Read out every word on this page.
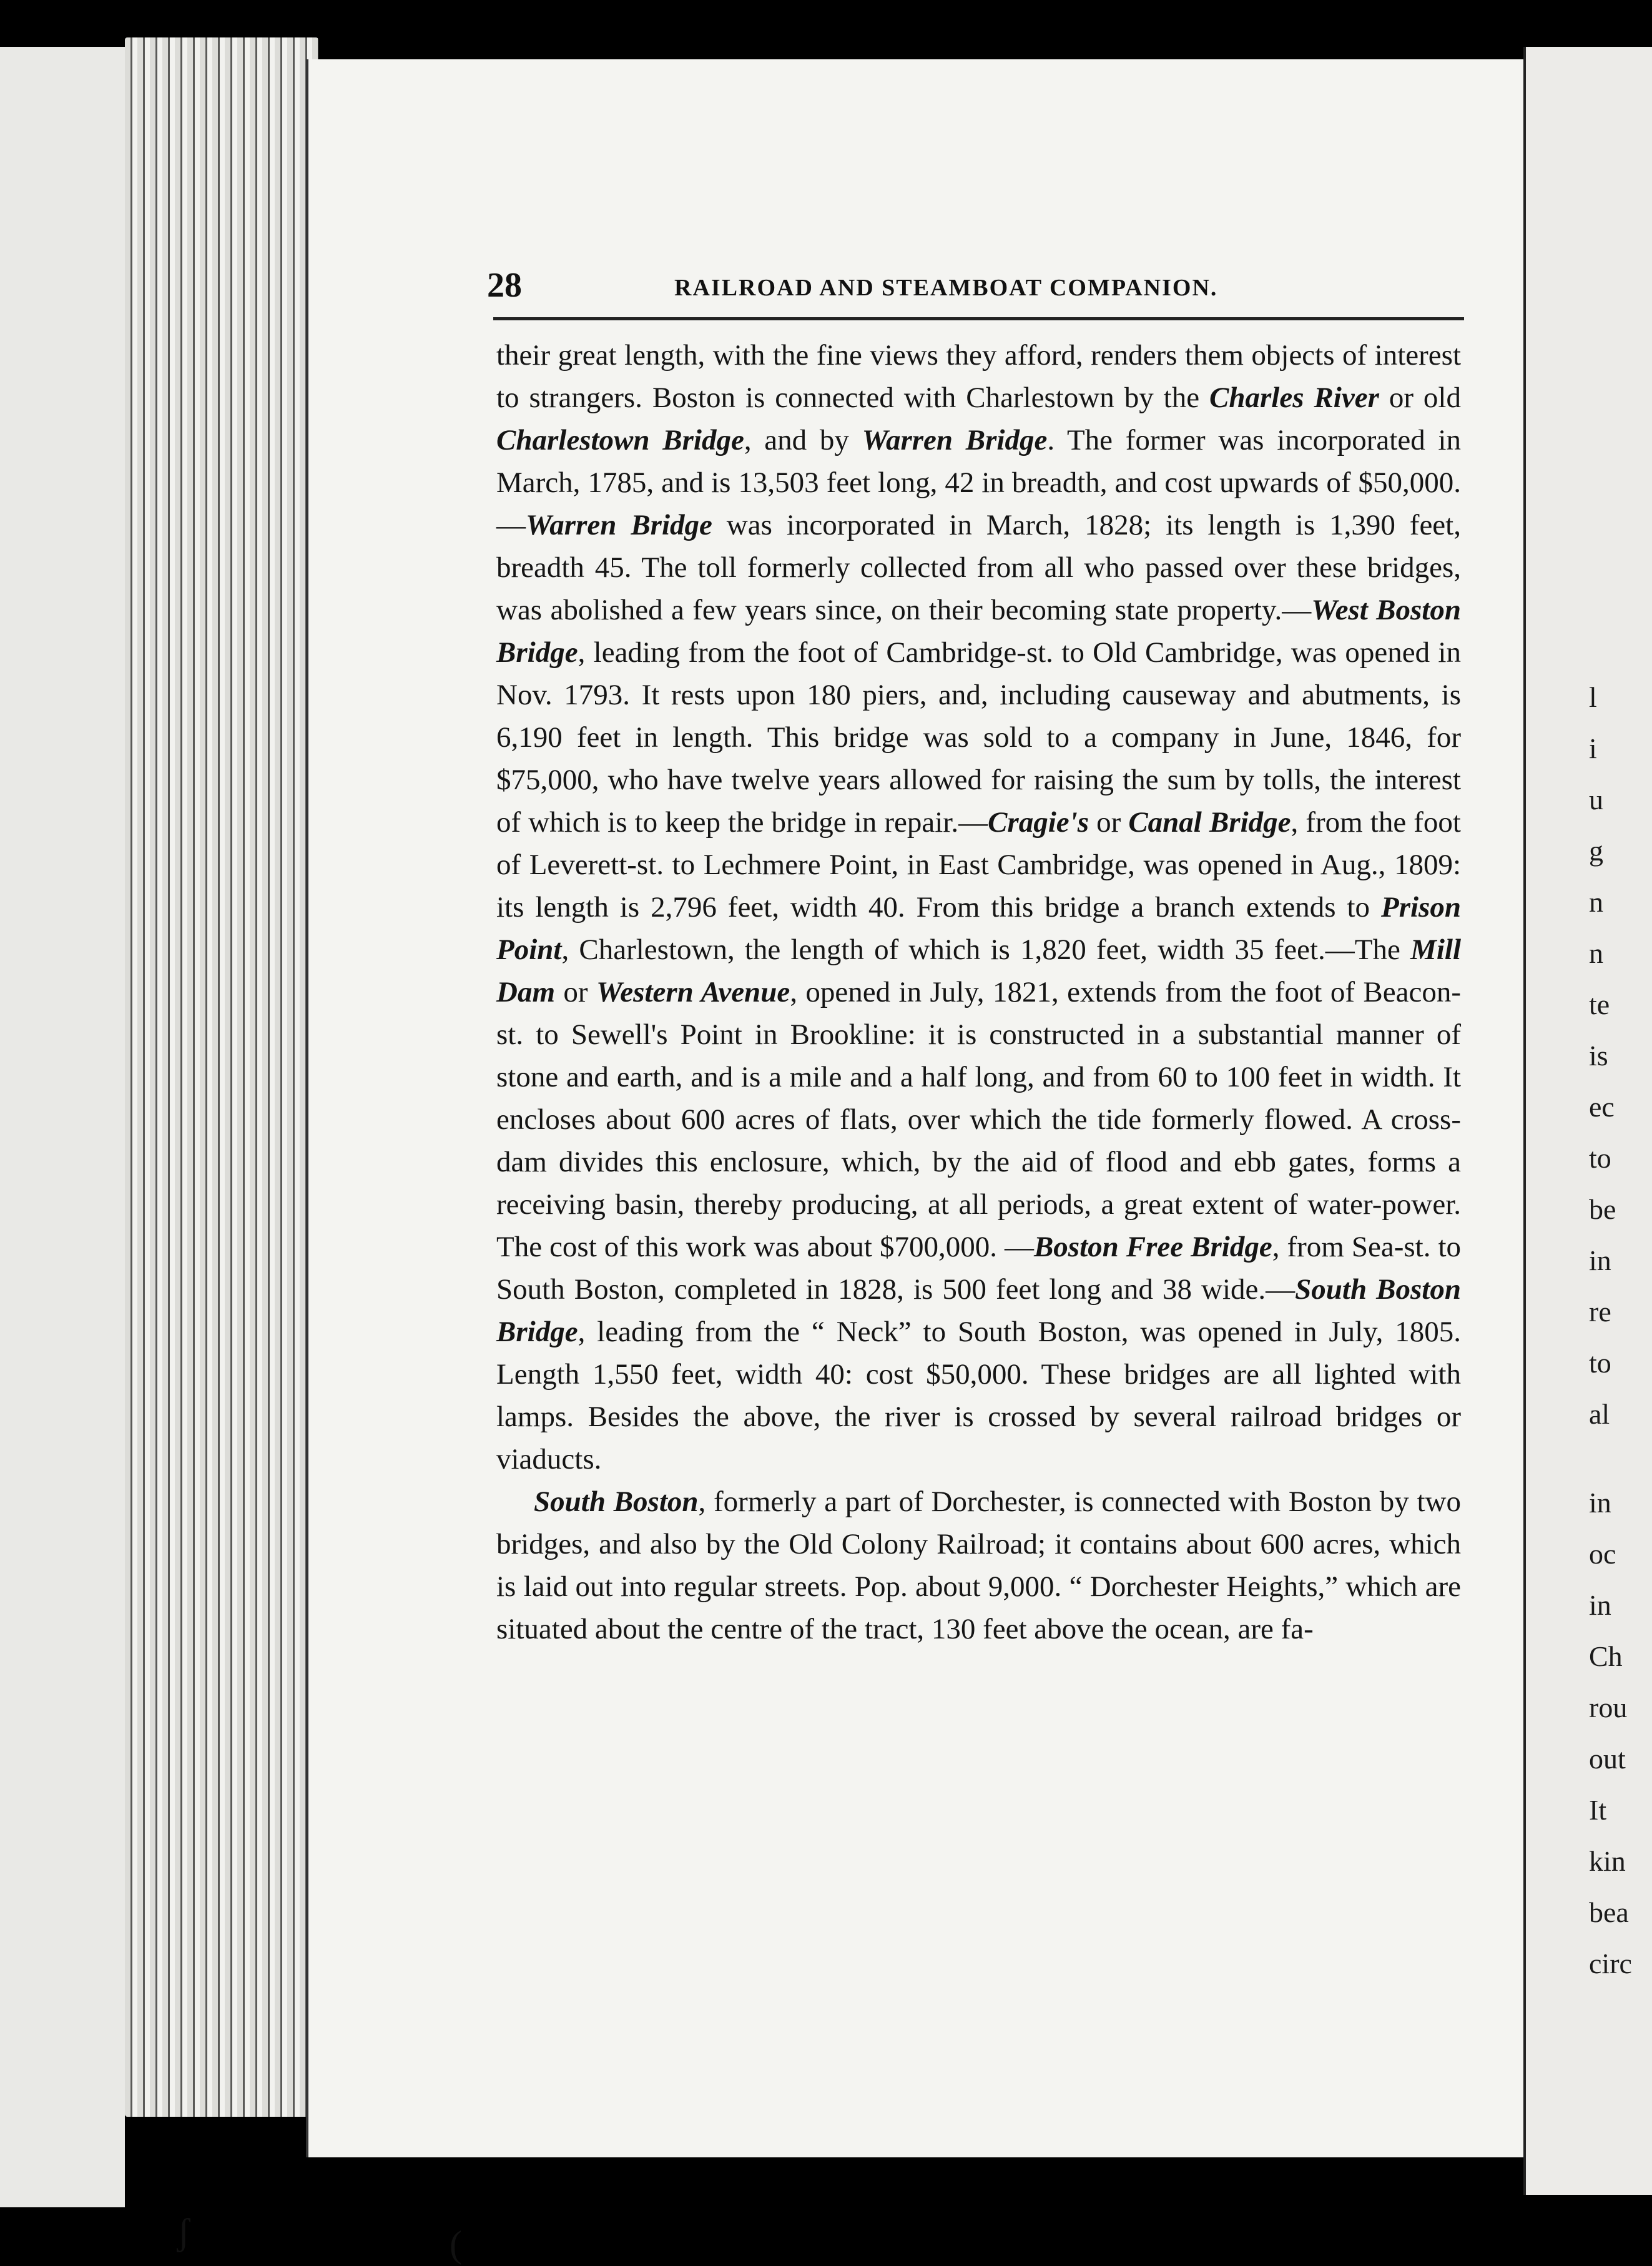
28	RAILROAD AND STEAMBOAT COMPANION.

their great length, with the fine views they afford, renders them objects of interest to strangers. Boston is connected with Charlestown by the Charles River or old Charlestown Bridge, and by Warren Bridge. The former was incorporated in March, 1785, and is 13,503 feet long, 42 in breadth, and cost upwards of $50,000. —Warren Bridge was incorporated in March, 1828; its length is 1,390 feet, breadth 45. The toll formerly collected from all who passed over these bridges, was abolished a few years since, on their becoming state property.—West Boston Bridge, leading from the foot of Cambridge-st. to Old Cambridge, was opened in Nov. 1793. It rests upon 180 piers, and, including causeway and abutments, is 6,190 feet in length. This bridge was sold to a company in June, 1846, for $75,000, who have twelve years allowed for raising the sum by tolls, the interest of which is to keep the bridge in repair.—Cragie's or Canal Bridge, from the foot of Leverett-st. to Lechmere Point, in East Cambridge, was opened in Aug., 1809: its length is 2,796 feet, width 40. From this bridge a branch extends to Prison Point, Charlestown, the length of which is 1,820 feet, width 35 feet.—The Mill Dam or Western Avenue, opened in July, 1821, extends from the foot of Beacon-st. to Sewell's Point in Brookline: it is constructed in a substantial manner of stone and earth, and is a mile and a half long, and from 60 to 100 feet in width. It encloses about 600 acres of flats, over which the tide formerly flowed. A cross-dam divides this enclosure, which, by the aid of flood and ebb gates, forms a receiving basin, thereby producing, at all periods, a great extent of water-power. The cost of this work was about $700,000. —Boston Free Bridge, from Sea-st. to South Boston, completed in 1828, is 500 feet long and 38 wide.—South Boston Bridge, leading from the “ Neck” to South Boston, was opened in July, 1805. Length 1,550 feet, width 40: cost $50,000. These bridges are all lighted with lamps. Besides the above, the river is crossed by several railroad bridges or viaducts.

South Boston, formerly a part of Dorchester, is connected with Boston by two bridges, and also by the Old Colony Railroad; it contains about 600 acres, which is laid out into regular streets. Pop. about 9,000. “ Dorchester Heights,” which are situated about the centre of the tract, 130 feet above the ocean, are fa-

l
i
u
g
n
n
te
is
ec
to
be
in
re
to
al
in
oc
in
Ch
rou
out
It
kin
bea
circ
ʃ	(
